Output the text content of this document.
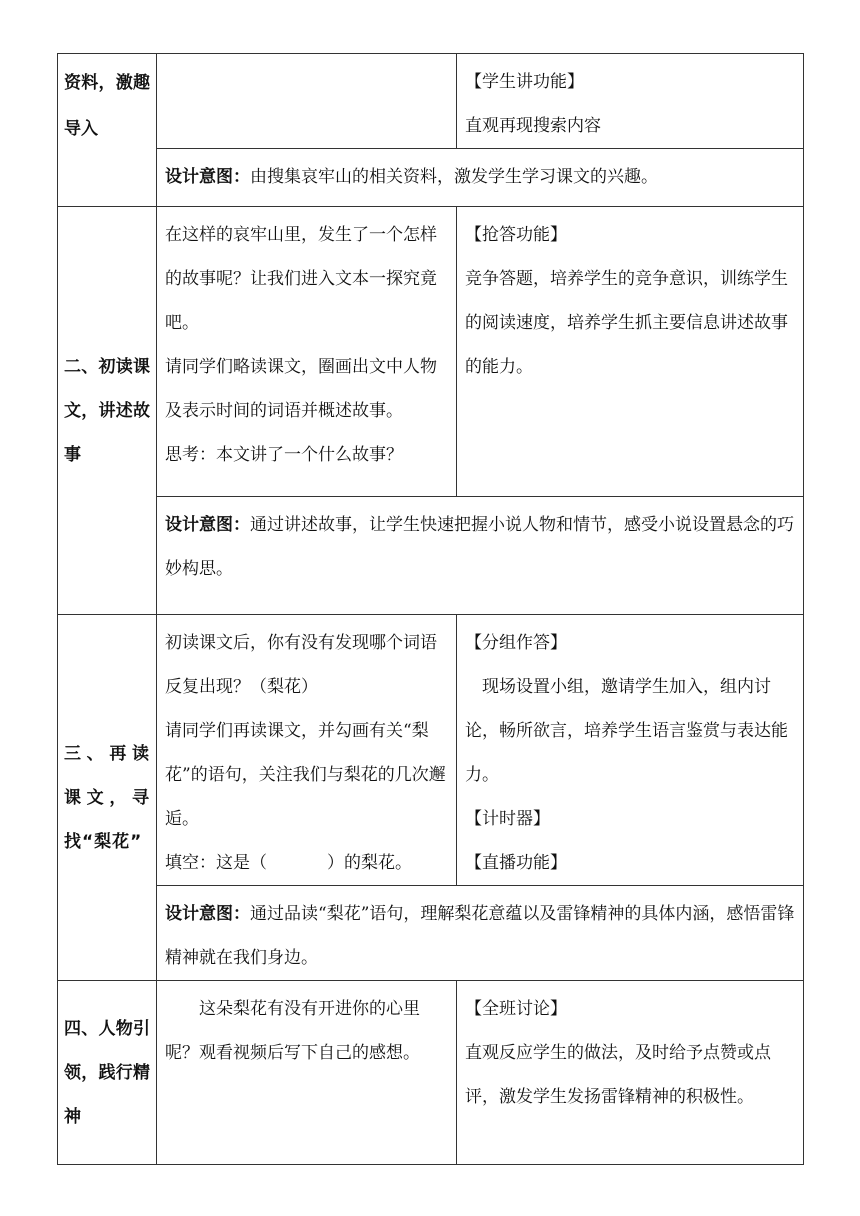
资料，激趣导入		【学生讲功能】
直观再现搜索内容

	设计意图：由搜集哀牢山的相关资料，激发学生学习课文的兴趣。	
二、初读课文，讲述故事	在这样的哀牢山里，发生了一个怎样的故事呢？让我们进入文本一探究竟吧。
请同学们略读课文，圈画出文中人物及表示时间的词语并概述故事。
思考：本文讲了一个什么故事？	【抢答功能】
竞争答题，培养学生的竞争意识，训练学生的阅读速度，培养学生抓主要信息讲述故事的能力。

	设计意图：通过讲述故事，让学生快速把握小说人物和情节，感受小说设置悬念的巧妙构思。	
三、再读课文，寻找“梨花”	初读课文后，你有没有发现哪个词语反复出现？（梨花）
请同学们再读课文，并勾画有关“梨花”的语句，关注我们与梨花的几次邂逅。
填空：这是（ ）的梨花。	【分组作答】
现场设置小组，邀请学生加入，组内讨论，畅所欲言，培养学生语言鉴赏与表达能力。
【计时器】
【直播功能】

	设计意图：通过品读“梨花”语句，理解梨花意蕴以及雷锋精神的具体内涵，感悟雷锋精神就在我们身边。	
四、人物引领，践行精神	这朵梨花有没有开进你的心里呢？观看视频后写下自己的感想。	【全班讨论】
直观反应学生的做法，及时给予点赞或点评，激发学生发扬雷锋精神的积极性。
